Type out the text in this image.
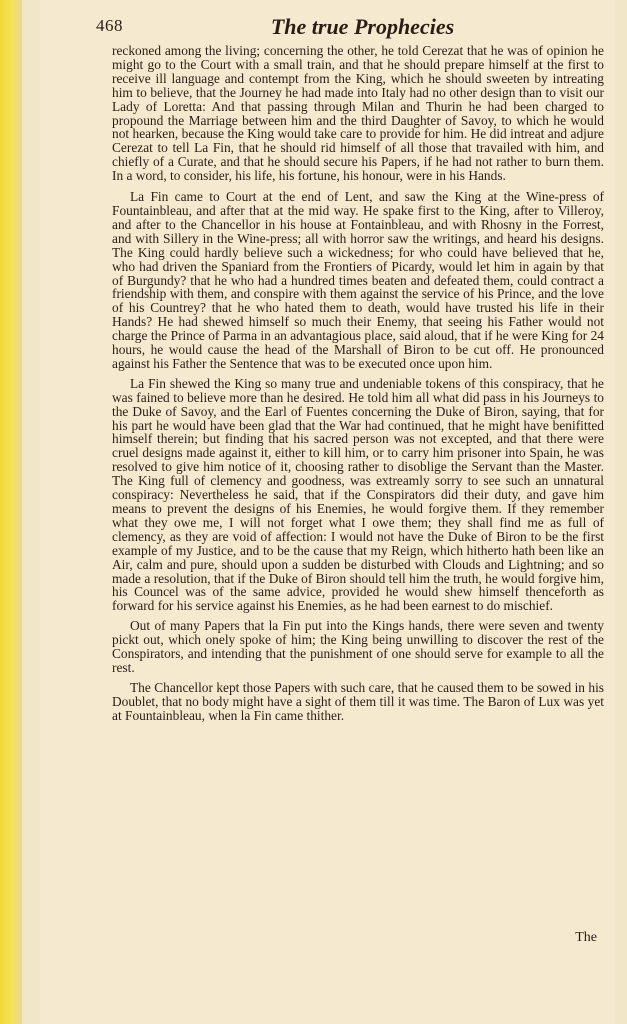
468	The true Prophecies

reckoned among the living; concerning the other, he told Cerezat that he was of opinion he might go to the Court with a small train, and that he should prepare himself at the first to receive ill language and contempt from the King, which he should sweeten by intreating him to believe, that the Journey he had made into Italy had no other design than to visit our Lady of Loretta: And that passing through Milan and Thurin he had been charged to propound the Marriage between him and the third Daughter of Savoy, to which he would not hearken, because the King would take care to provide for him. He did intreat and adjure Cerezat to tell La Fin, that he should rid himself of all those that travailed with him, and chiefly of a Curate, and that he should secure his Papers, if he had not rather to burn them. In a word, to consider, his life, his fortune, his honour, were in his Hands.

La Fin came to Court at the end of Lent, and saw the King at the Wine-press of Fountainbleau, and after that at the mid way. He spake first to the King, after to Villeroy, and after to the Chancellor in his house at Fontainbleau, and with Rhosny in the Forrest, and with Sillery in the Wine-press; all with horror saw the writings, and heard his designs. The King could hardly believe such a wickedness; for who could have believed that he, who had driven the Spaniard from the Frontiers of Picardy, would let him in again by that of Burgundy? that he who had a hundred times beaten and defeated them, could contract a friendship with them, and conspire with them against the service of his Prince, and the love of his Countrey? that he who hated them to death, would have trusted his life in their Hands? He had shewed himself so much their Enemy, that seeing his Father would not charge the Prince of Parma in an advantagious place, said aloud, that if he were King for 24 hours, he would cause the head of the Marshall of Biron to be cut off. He pronounced against his Father the Sentence that was to be executed once upon him.

La Fin shewed the King so many true and undeniable tokens of this conspiracy, that he was fained to believe more than he desired. He told him all what did pass in his Journeys to the Duke of Savoy, and the Earl of Fuentes concerning the Duke of Biron, saying, that for his part he would have been glad that the War had continued, that he might have benifitted himself therein; but finding that his sacred person was not excepted, and that there were cruel designs made against it, either to kill him, or to carry him prisoner into Spain, he was resolved to give him notice of it, choosing rather to disoblige the Servant than the Master. The King full of clemency and goodness, was extreamly sorry to see such an unnatural conspiracy: Nevertheless he said, that if the Conspirators did their duty, and gave him means to prevent the designs of his Enemies, he would forgive them. If they remember what they owe me, I will not forget what I owe them; they shall find me as full of clemency, as they are void of affection: I would not have the Duke of Biron to be the first example of my Justice, and to be the cause that my Reign, which hitherto hath been like an Air, calm and pure, should upon a sudden be disturbed with Clouds and Lightning; and so made a resolution, that if the Duke of Biron should tell him the truth, he would forgive him, his Councel was of the same advice, provided he would shew himself thenceforth as forward for his service against his Enemies, as he had been earnest to do mischief.

Out of many Papers that la Fin put into the Kings hands, there were seven and twenty pickt out, which onely spoke of him; the King being unwilling to discover the rest of the Conspirators, and intending that the punishment of one should serve for example to all the rest.

The Chancellor kept those Papers with such care, that he caused them to be sowed in his Doublet, that no body might have a sight of them till it was time. The Baron of Lux was yet at Fountainbleau, when la Fin came thither.

The
